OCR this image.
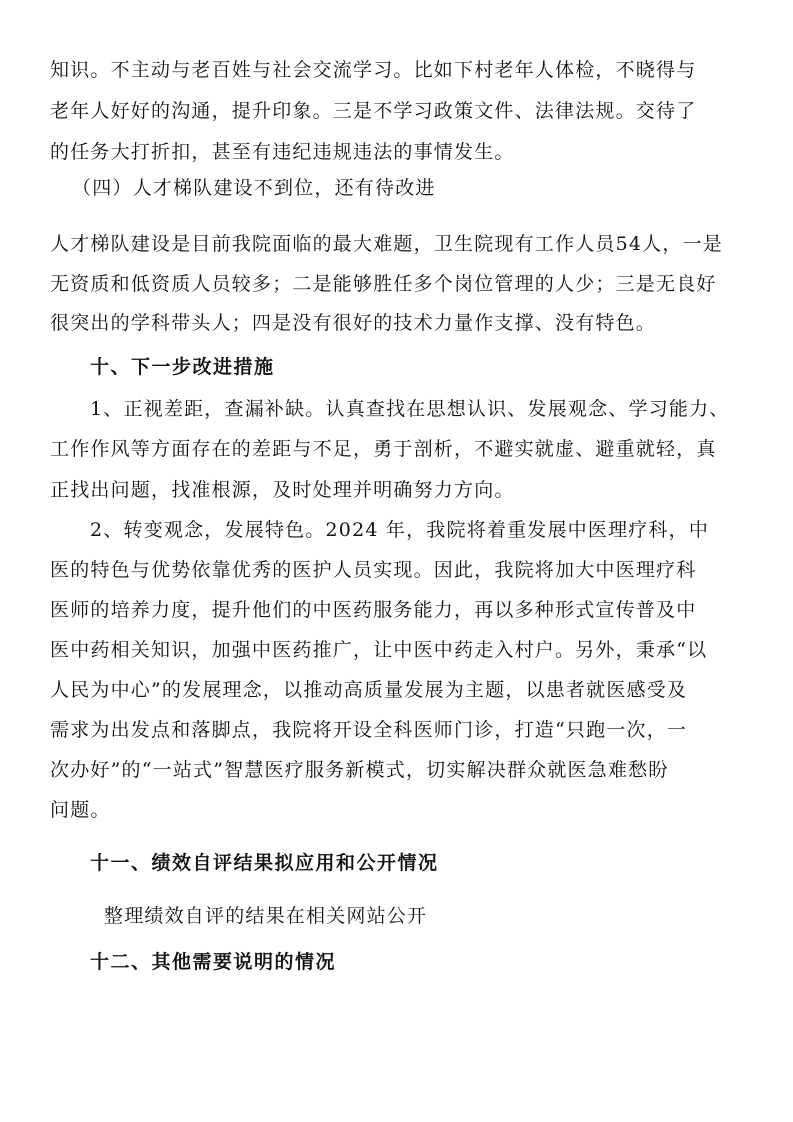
知识。不主动与老百姓与社会交流学习。比如下村老年人体检，不晓得与
老年人好好的沟通，提升印象。三是不学习政策文件、法律法规。交待了
的任务大打折扣，甚至有违纪违规违法的事情发生。
（四）人才梯队建设不到位，还有待改进
人才梯队建设是目前我院面临的最大难题，卫生院现有工作人员54人，一是
无资质和低资质人员较多；二是能够胜任多个岗位管理的人少；三是无良好
很突出的学科带头人；四是没有很好的技术力量作支撑、没有特色。
十、下一步改进措施
1、正视差距，查漏补缺。认真查找在思想认识、发展观念、学习能力、
工作作风等方面存在的差距与不足，勇于剖析，不避实就虚、避重就轻，真
正找出问题，找准根源，及时处理并明确努力方向。
2、转变观念，发展特色。2024 年，我院将着重发展中医理疗科，中
医的特色与优势依靠优秀的医护人员实现。因此，我院将加大中医理疗科
医师的培养力度，提升他们的中医药服务能力，再以多种形式宣传普及中
医中药相关知识，加强中医药推广，让中医中药走入村户。另外，秉承“以
人民为中心”的发展理念，以推动高质量发展为主题，以患者就医感受及
需求为出发点和落脚点，我院将开设全科医师门诊，打造“只跑一次，一
次办好”的“一站式”智慧医疗服务新模式，切实解决群众就医急难愁盼
问题。
十一、绩效自评结果拟应用和公开情况
整理绩效自评的结果在相关网站公开
十二、其他需要说明的情况
